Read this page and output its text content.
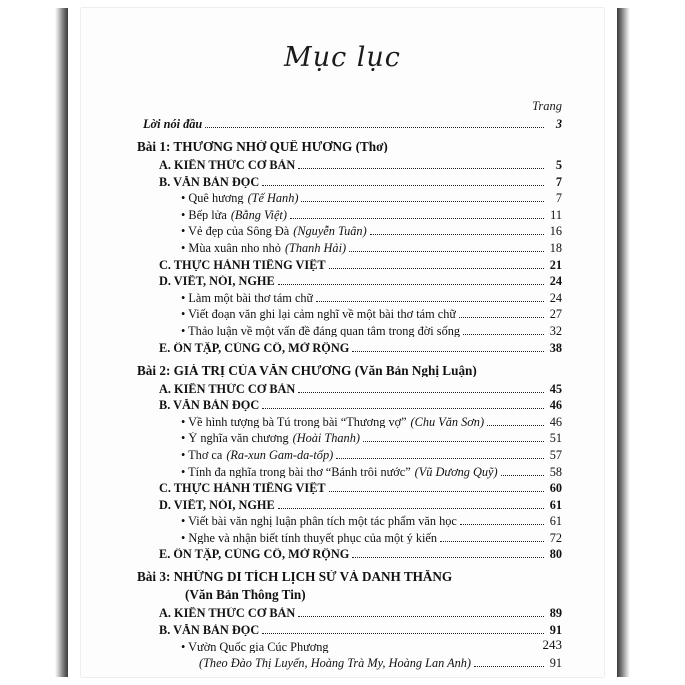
Mục lục
Trang
Lời nói đầu	3
Bài 1: THƯƠNG NHỚ QUÊ HƯƠNG (Thơ)
A. KIẾN THỨC CƠ BẢN	5
B. VĂN BẢN ĐỌC	7
• Quê hương (Tế Hanh)	7
• Bếp lửa (Bằng Việt)	11
• Vẻ đẹp của Sông Đà (Nguyễn Tuân)	16
• Mùa xuân nho nhỏ (Thanh Hải)	18
C. THỰC HÀNH TIẾNG VIỆT	21
D. VIẾT, NÓI, NGHE	24
• Làm một bài thơ tám chữ	24
• Viết đoạn văn ghi lại cảm nghĩ về một bài thơ tám chữ	27
• Thảo luận về một vấn đề đáng quan tâm trong đời sống	32
E. ÔN TẬP, CỦNG CỐ, MỞ RỘNG	38
Bài 2: GIÁ TRỊ CỦA VĂN CHƯƠNG (Văn Bản Nghị Luận)
A. KIẾN THỨC CƠ BẢN	45
B. VĂN BẢN ĐỌC	46
• Về hình tượng bà Tú trong bài “Thương vợ” (Chu Văn Sơn)	46
• Ý nghĩa văn chương (Hoài Thanh)	51
• Thơ ca (Ra-xun Gam-da-tốp)	57
• Tính đa nghĩa trong bài thơ “Bánh trôi nước” (Vũ Dương Quỹ)	58
C. THỰC HÀNH TIẾNG VIỆT	60
D. VIẾT, NÓI, NGHE	61
• Viết bài văn nghị luận phân tích một tác phẩm văn học	61
• Nghe và nhận biết tính thuyết phục của một ý kiến	72
E. ÔN TẬP, CỦNG CỐ, MỞ RỘNG	80
Bài 3: NHỮNG DI TÍCH LỊCH SỬ VÀ DANH THẮNG
(Văn Bản Thông Tin)
A. KIẾN THỨC CƠ BẢN	89
B. VĂN BẢN ĐỌC	91
• Vườn Quốc gia Cúc Phương
(Theo Đào Thị Luyến, Hoàng Trà My, Hoàng Lan Anh)	91
243
